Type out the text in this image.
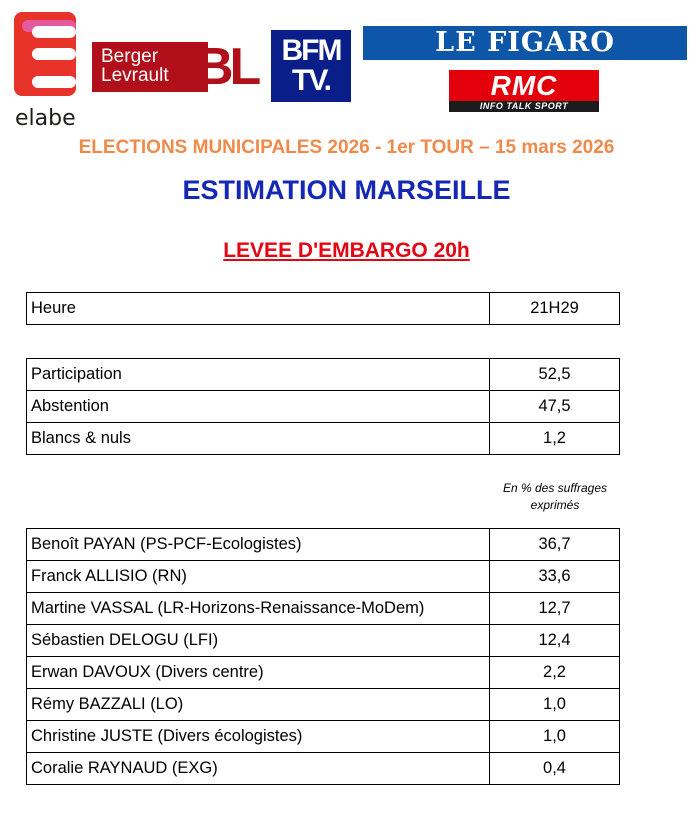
elabe
Berger
Levrault BL BFM
TV.
LE FIGARO
RMC
INFO TALK SPORT
ELECTIONS MUNICIPALES 2026 - 1er TOUR – 15 mars 2026
ESTIMATION MARSEILLE
LEVEE D'EMBARGO 20h
Heure	21H29
Participation	52,5
Abstention	47,5
Blancs & nuls	1,2
En % des suffrages exprimés
Benoît PAYAN (PS-PCF-Ecologistes)	36,7
Franck ALLISIO (RN)	33,6
Martine VASSAL (LR-Horizons-Renaissance-MoDem)	12,7
Sébastien DELOGU (LFI)	12,4
Erwan DAVOUX (Divers centre)	2,2
Rémy BAZZALI (LO)	1,0
Christine JUSTE (Divers écologistes)	1,0
Coralie RAYNAUD (EXG)	0,4
